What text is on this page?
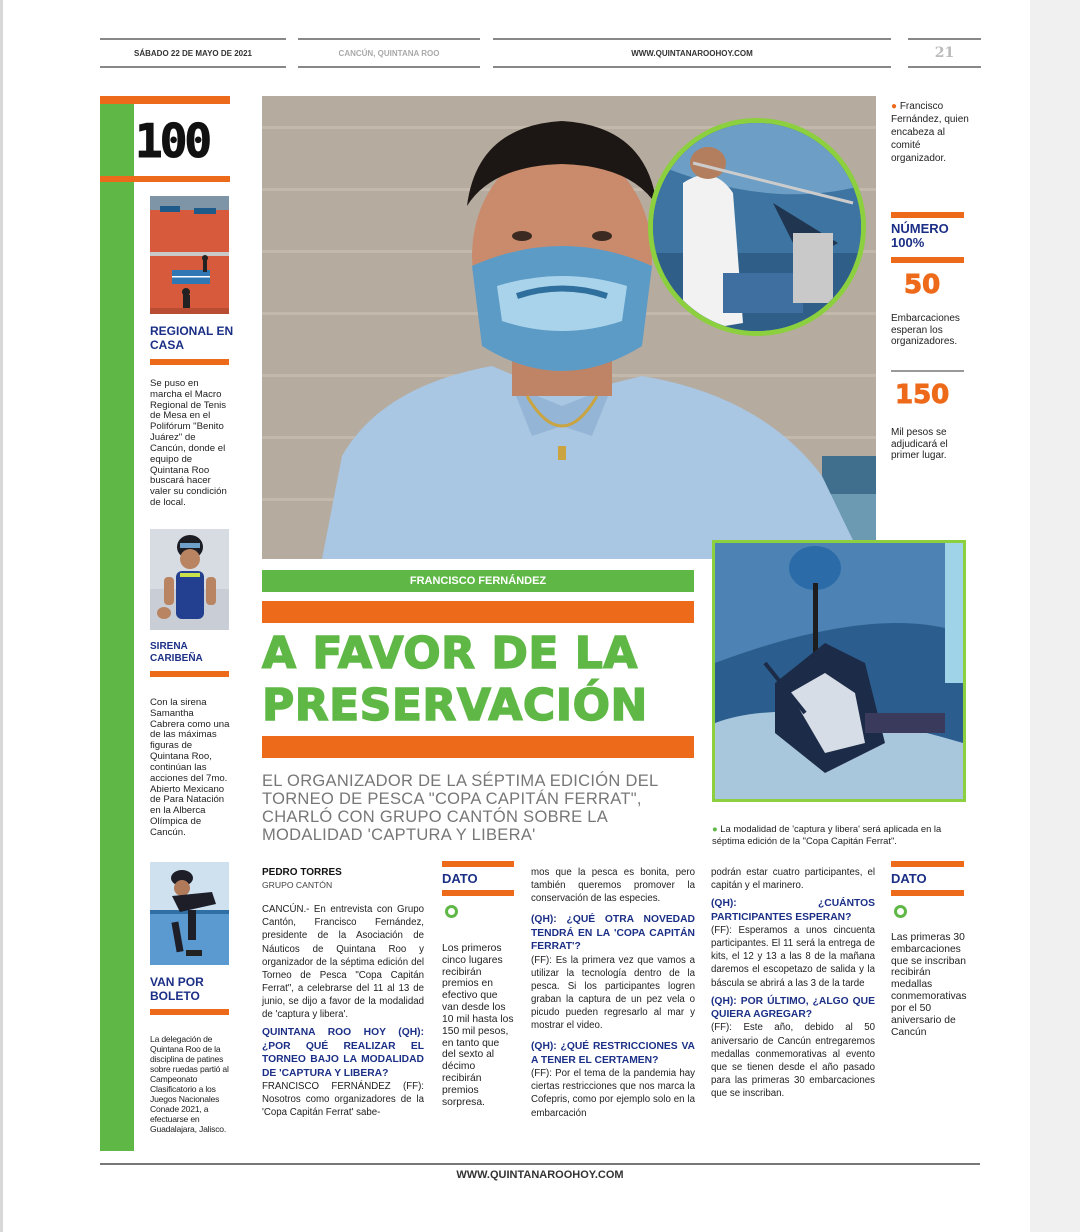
SÁBADO 22 DE MAYO DE 2021	CANCÚN, QUINTANA ROO	WWW.QUINTANAROOHOY.COM	21
100
REGIONAL EN CASA
Se puso en marcha el Macro Regional de Tenis de Mesa en el Polifórum "Benito Juárez" de Cancún, donde el equipo de Quintana Roo buscará hacer valer su condición de local.
SIRENA CARIBEÑA
Con la sirena Samantha Cabrera como una de las máximas figuras de Quintana Roo, continúan las acciones del 7mo. Abierto Mexicano de Para Natación en la Alberca Olímpica de Cancún.
VAN POR BOLETO
La delegación de Quintana Roo de la disciplina de patines sobre ruedas partió al Campeonato Clasificatorio a los Juegos Nacionales Conade 2021, a efectuarse en Guadalajara, Jalisco.
FRANCISCO FERNÁNDEZ
A FAVOR DE LA
PRESERVACIÓN
EL ORGANIZADOR DE LA SÉPTIMA EDICIÓN DEL TORNEO DE PESCA "COPA CAPITÁN FERRAT", CHARLÓ CON GRUPO CANTÓN SOBRE LA MODALIDAD 'CAPTURA Y LIBERA'
● Francisco Fernández, quien encabeza al comité organizador.
NÚMERO 100%
50
Embarcaciones esperan los organizadores.
150
Mil pesos se adjudicará el primer lugar.
● La modalidad de 'captura y libera' será aplicada en la séptima edición de la "Copa Capitán Ferrat".
PEDRO TORRES
GRUPO CANTÓN

CANCÚN.- En entrevista con Grupo Cantón, Francisco Fernández, presidente de la Asociación de Náuticos de Quintana Roo y organizador de la séptima edición del Torneo de Pesca "Copa Capitán Ferrat", a celebrarse del 11 al 13 de junio, se dijo a favor de la modalidad de 'captura y libera'.

QUINTANA ROO HOY (QH): ¿POR QUÉ REALIZAR EL TORNEO BAJO LA MODALIDAD DE 'CAPTURA Y LIBERA?

FRANCISCO FERNÁNDEZ (FF): Nosotros como organizadores de la 'Copa Capitán Ferrat' sabe-

DATO
Los primeros cinco lugares recibirán premios en efectivo que van desde los 10 mil hasta los 150 mil pesos, en tanto que del sexto al décimo recibirán premios sorpresa.

mos que la pesca es bonita, pero también queremos promover la conservación de las especies.

(QH): ¿QUÉ OTRA NOVEDAD TENDRÁ EN LA 'COPA CAPITÁN FERRAT'?

(FF): Es la primera vez que vamos a utilizar la tecnología dentro de la pesca. Si los participantes logren graban la captura de un pez vela o picudo pueden regresarlo al mar y mostrar el video.

(QH): ¿QUÉ RESTRICCIONES VA A TENER EL CERTAMEN?

(FF): Por el tema de la pandemia hay ciertas restricciones que nos marca la Cofepris, como por ejemplo solo en la embarcación

podrán estar cuatro participantes, el capitán y el marinero.

(QH): ¿CUÁNTOS PARTICIPANTES ESPERAN?

(FF): Esperamos a unos cincuenta participantes. El 11 será la entrega de kits, el 12 y 13 a las 8 de la mañana daremos el escopetazo de salida y la báscula se abrirá a las 3 de la tarde

(QH): POR ÚLTIMO, ¿ALGO QUE QUIERA AGREGAR?

(FF): Este año, debido al 50 aniversario de Cancún entregaremos medallas conmemorativas al evento que se tienen desde el año pasado para las primeras 30 embarcaciones que se inscriban.

DATO
Las primeras 30 embarcaciones que se inscriban recibirán medallas conmemorativas por el 50 aniversario de Cancún
WWW.QUINTANAROOHOY.COM
